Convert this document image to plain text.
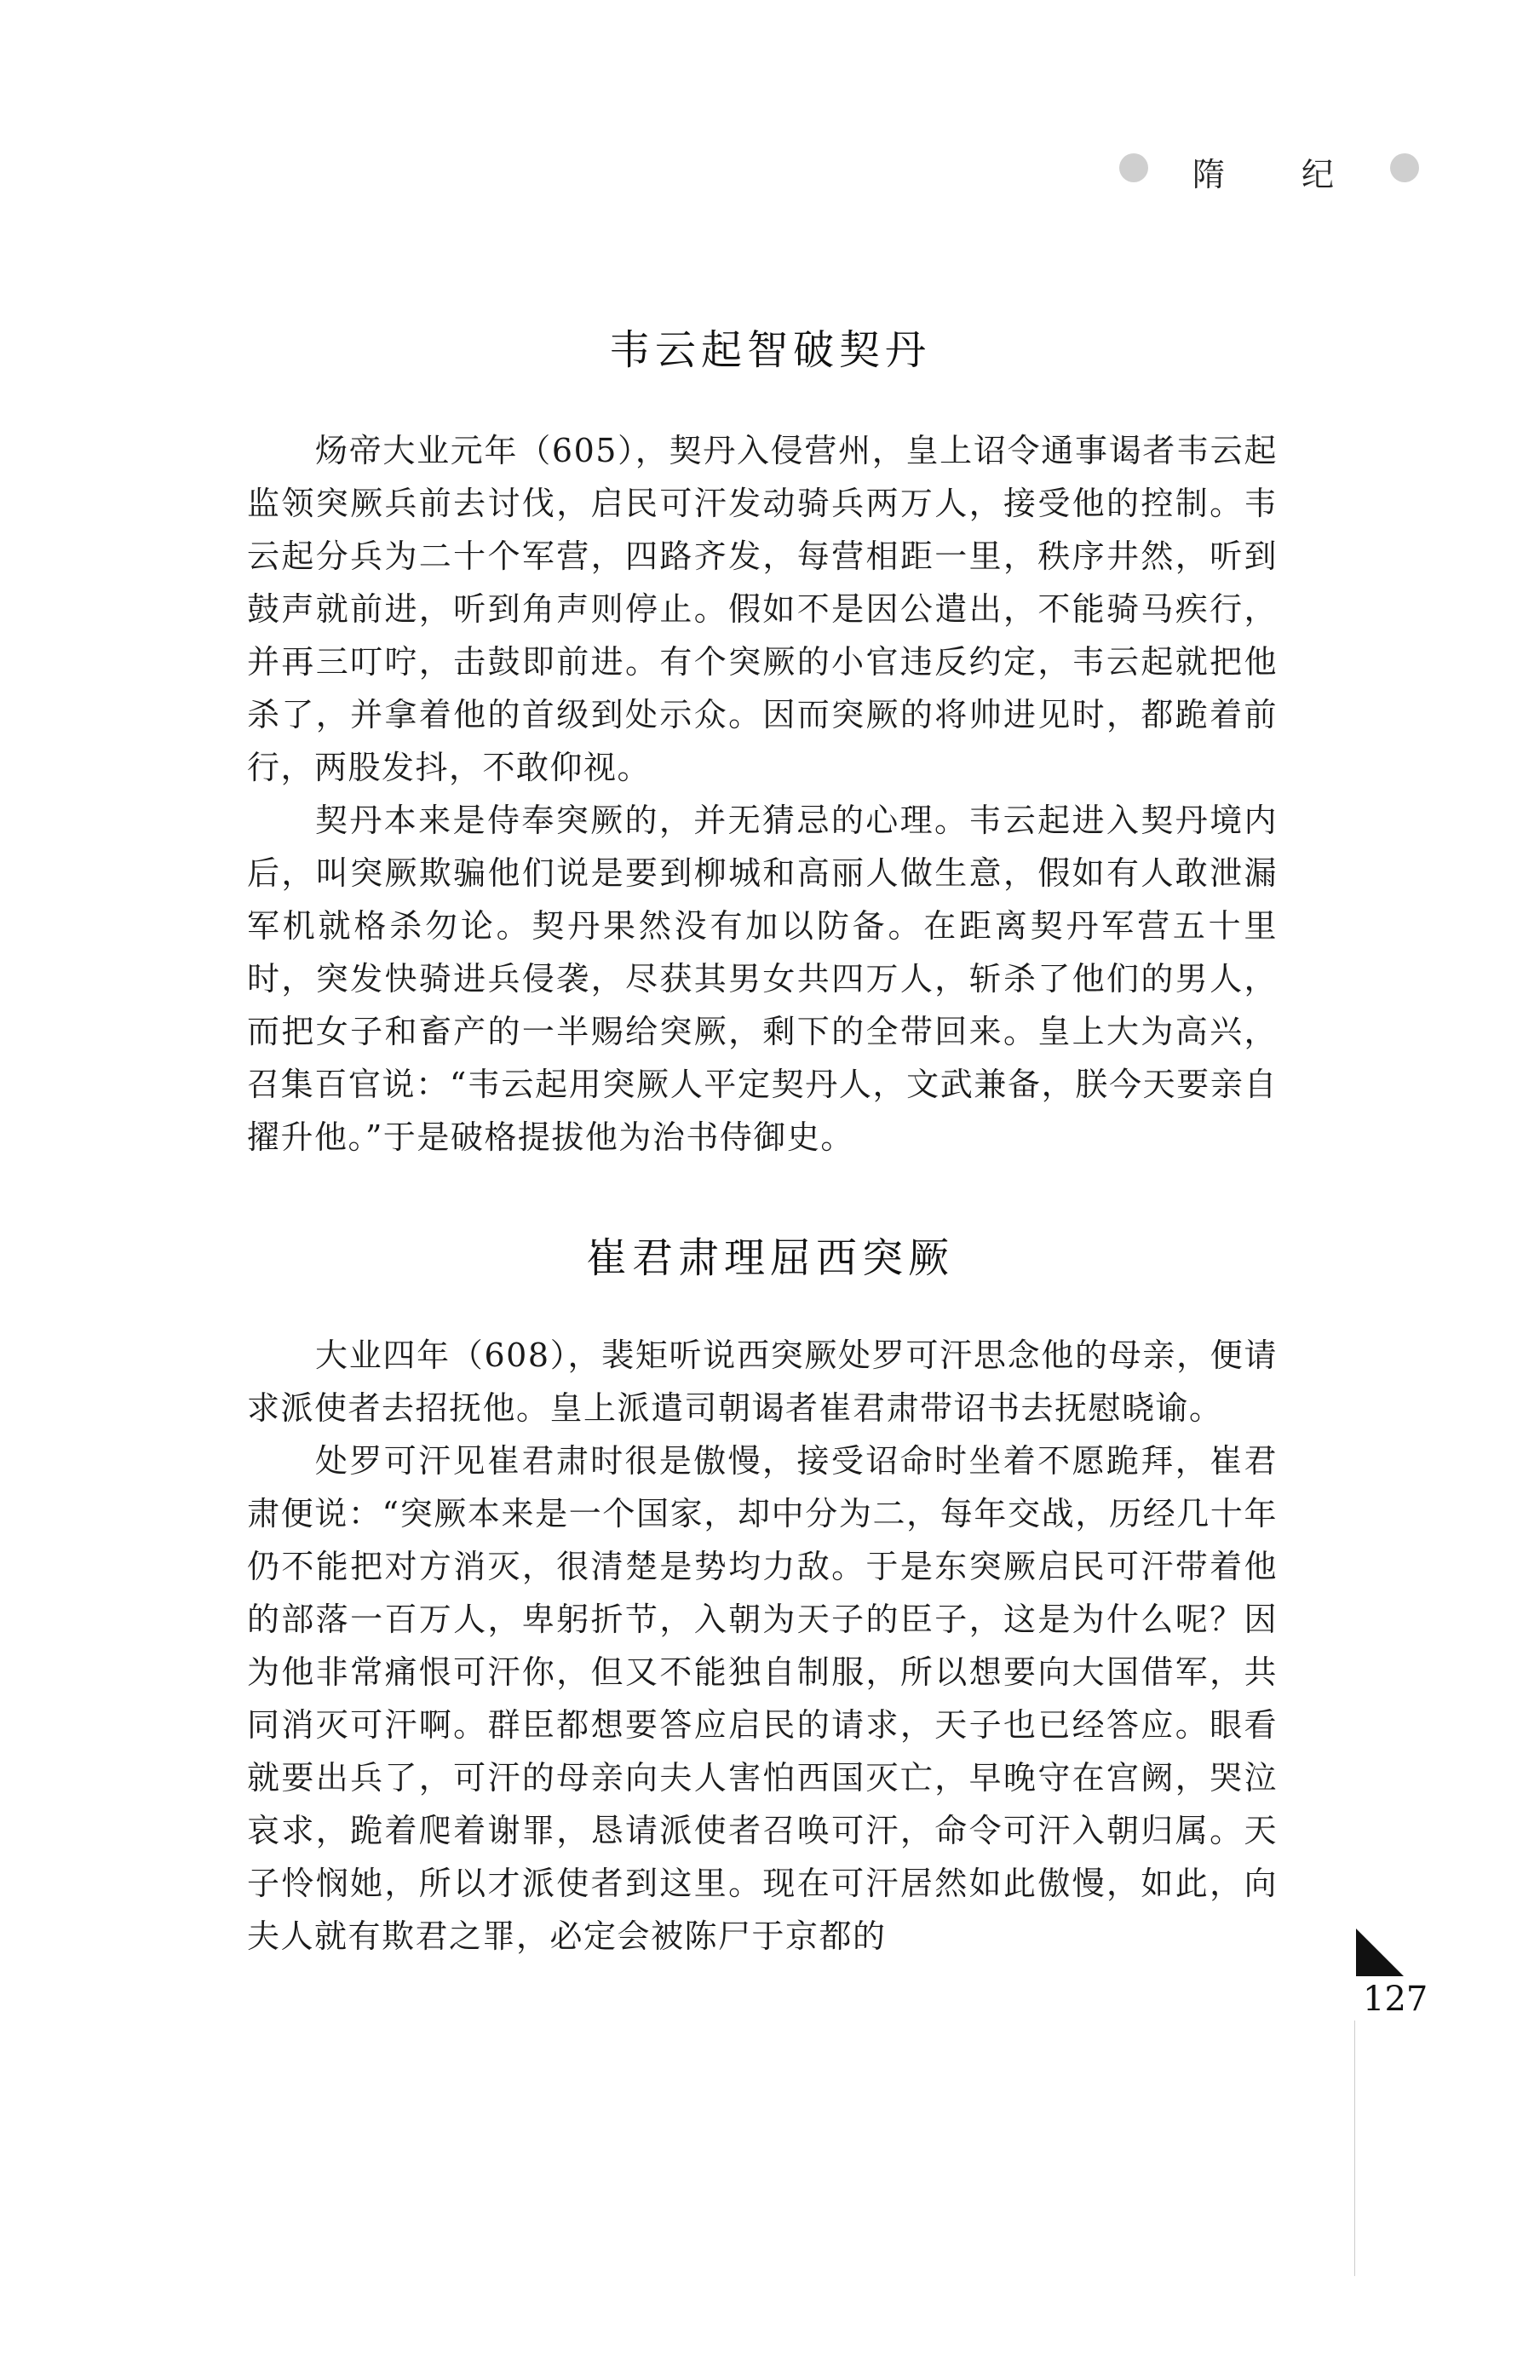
隋 纪
韦云起智破契丹

炀帝大业元年（605），契丹入侵营州，皇上诏令通事谒者韦云起监领突厥兵前去讨伐，启民可汗发动骑兵两万人，接受他的控制。韦云起分兵为二十个军营，四路齐发，每营相距一里，秩序井然，听到鼓声就前进，听到角声则停止。假如不是因公遣出，不能骑马疾行，并再三叮咛，击鼓即前进。有个突厥的小官违反约定，韦云起就把他杀了，并拿着他的首级到处示众。因而突厥的将帅进见时，都跪着前行，两股发抖，不敢仰视。

契丹本来是侍奉突厥的，并无猜忌的心理。韦云起进入契丹境内后，叫突厥欺骗他们说是要到柳城和高丽人做生意，假如有人敢泄漏军机就格杀勿论。契丹果然没有加以防备。在距离契丹军营五十里时，突发快骑进兵侵袭，尽获其男女共四万人，斩杀了他们的男人，而把女子和畜产的一半赐给突厥，剩下的全带回来。皇上大为高兴，召集百官说：“韦云起用突厥人平定契丹人，文武兼备，朕今天要亲自擢升他。”于是破格提拔他为治书侍御史。

崔君肃理屈西突厥

大业四年（608），裴矩听说西突厥处罗可汗思念他的母亲，便请求派使者去招抚他。皇上派遣司朝谒者崔君肃带诏书去抚慰晓谕。

处罗可汗见崔君肃时很是傲慢，接受诏命时坐着不愿跪拜，崔君肃便说：“突厥本来是一个国家，却中分为二，每年交战，历经几十年仍不能把对方消灭，很清楚是势均力敌。于是东突厥启民可汗带着他的部落一百万人，卑躬折节，入朝为天子的臣子，这是为什么呢？因为他非常痛恨可汗你，但又不能独自制服，所以想要向大国借军，共同消灭可汗啊。群臣都想要答应启民的请求，天子也已经答应。眼看就要出兵了，可汗的母亲向夫人害怕西国灭亡，早晚守在宫阙，哭泣哀求，跪着爬着谢罪，恳请派使者召唤可汗，命令可汗入朝归属。天子怜悯她，所以才派使者到这里。现在可汗居然如此傲慢，如此，向夫人就有欺君之罪，必定会被陈尸于京都的

127
